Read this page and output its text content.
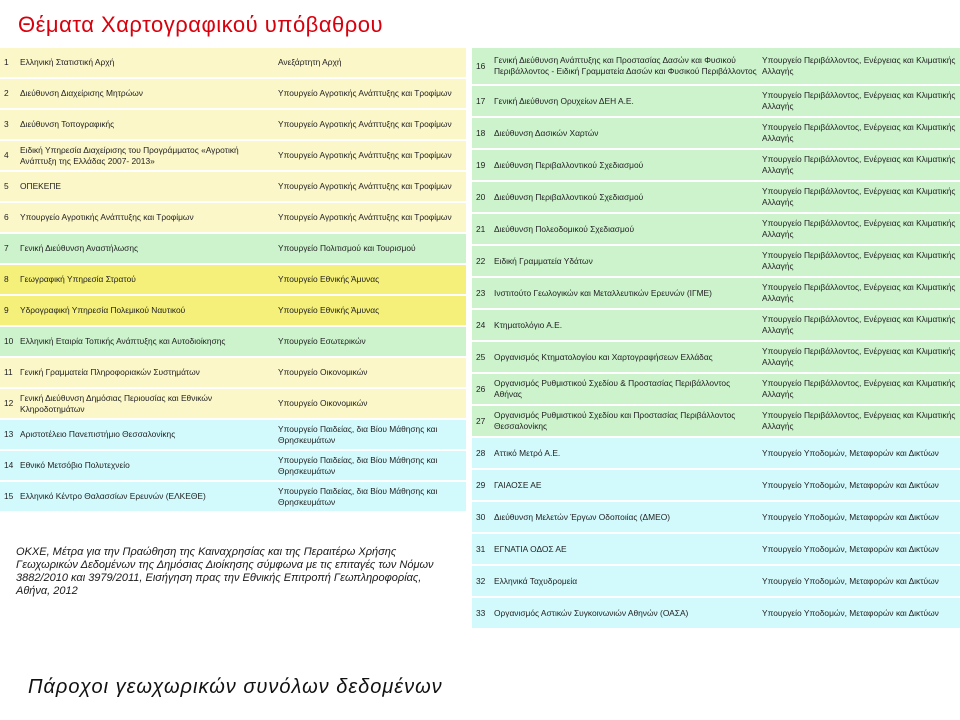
Θέματα Χαρτογραφικού υπόβαθρου
1	Ελληνική Στατιστική Αρχή	Ανεξάρτητη Αρχή
2	Διεύθυνση Διαχείρισης Μητρώων	Υπουργείο Αγροτικής Ανάπτυξης και Τροφίμων
3	Διεύθυνση Τοπογραφικής	Υπουργείο Αγροτικής Ανάπτυξης και Τροφίμων
4	Ειδική Υπηρεσία Διαχείρισης του Προγράμματος «Αγροτική Ανάπτυξη της Ελλάδας 2007- 2013»	Υπουργείο Αγροτικής Ανάπτυξης και Τροφίμων
5	ΟΠΕΚΕΠΕ	Υπουργείο Αγροτικής Ανάπτυξης και Τροφίμων
6	Υπουργείο Αγροτικής Ανάπτυξης και Τροφίμων	Υπουργείο Αγροτικής Ανάπτυξης και Τροφίμων
7	Γενική Διεύθυνση Αναστήλωσης	Υπουργείο Πολιτισμού και Τουρισμού
8	Γεωγραφική Υπηρεσία Στρατού	Υπουργείο Εθνικής Άμυνας
9	Υδρογραφική Υπηρεσία Πολεμικού Ναυτικού	Υπουργείο Εθνικής Άμυνας
10	Ελληνική Εταιρία Τοπικής Ανάπτυξης και Αυτοδιοίκησης	Υπουργείο Εσωτερικών
11	Γενική Γραμματεία Πληροφοριακών Συστημάτων	Υπουργείο Οικονομικών
12	Γενική Διεύθυνση Δημόσιας Περιουσίας και Εθνικών Κληροδοτημάτων	Υπουργείο Οικονομικών
13	Αριστοτέλειο Πανεπιστήμιο Θεσσαλονίκης	Υπουργείο Παιδείας, δια Βίου Μάθησης και Θρησκευμάτων
14	Εθνικό Μετσόβιο Πολυτεχνείο	Υπουργείο Παιδείας, δια Βίου Μάθησης και Θρησκευμάτων
15	Ελληνικό Κέντρο Θαλασσίων Ερευνών (ΕΛΚΕΘΕ)	Υπουργείο Παιδείας, δια Βίου Μάθησης και Θρησκευμάτων
16	Γενική Διεύθυνση Ανάπτυξης και Προστασίας Δασών και Φυσικού Περιβάλλοντος - Ειδική Γραμματεία Δασών και Φυσικού Περιβάλλοντος	Υπουργείο Περιβάλλοντος, Ενέργειας και Κλιματικής Αλλαγής
17	Γενική Διεύθυνση Ορυχείων ΔΕΗ Α.Ε.	Υπουργείο Περιβάλλοντος, Ενέργειας και Κλιματικής Αλλαγής
18	Διεύθυνση Δασικών Χαρτών	Υπουργείο Περιβάλλοντος, Ενέργειας και Κλιματικής Αλλαγής
19	Διεύθυνση Περιβαλλοντικού Σχεδιασμού	Υπουργείο Περιβάλλοντος, Ενέργειας και Κλιματικής Αλλαγής
20	Διεύθυνση Περιβαλλοντικού Σχεδιασμού	Υπουργείο Περιβάλλοντος, Ενέργειας και Κλιματικής Αλλαγής
21	Διεύθυνση Πολεοδομικού Σχεδιασμού	Υπουργείο Περιβάλλοντος, Ενέργειας και Κλιματικής Αλλαγής
22	Ειδική Γραμματεία Υδάτων	Υπουργείο Περιβάλλοντος, Ενέργειας και Κλιματικής Αλλαγής
23	Ινστιτούτο Γεωλογικών και Μεταλλευτικών Ερευνών (ΙΓΜΕ)	Υπουργείο Περιβάλλοντος, Ενέργειας και Κλιματικής Αλλαγής
24	Κτηματολόγιο Α.Ε.	Υπουργείο Περιβάλλοντος, Ενέργειας και Κλιματικής Αλλαγής
25	Οργανισμός Κτηματολογίου και Χαρτογραφήσεων Ελλάδας	Υπουργείο Περιβάλλοντος, Ενέργειας και Κλιματικής Αλλαγής
26	Οργανισμός Ρυθμιστικού Σχεδίου & Προστασίας Περιβάλλοντος Αθήνας	Υπουργείο Περιβάλλοντος, Ενέργειας και Κλιματικής Αλλαγής
27	Οργανισμός Ρυθμιστικού Σχεδίου και Προστασίας Περιβάλλοντος Θεσσαλονίκης	Υπουργείο Περιβάλλοντος, Ενέργειας και Κλιματικής Αλλαγής
28	Αττικό Μετρό Α.Ε.	Υπουργείο Υποδομών, Μεταφορών και Δικτύων
29	ΓΑΙΑΟΣΕ ΑΕ	Υπουργείο Υποδομών, Μεταφορών και Δικτύων
30	Διεύθυνση Μελετών Έργων Οδοποιίας (ΔΜΕΟ)	Υπουργείο Υποδομών, Μεταφορών και Δικτύων
31	ΕΓΝΑΤΙΑ ΟΔΟΣ ΑΕ	Υπουργείο Υποδομών, Μεταφορών και Δικτύων
32	Ελληνικά Ταχυδρομεία	Υπουργείο Υποδομών, Μεταφορών και Δικτύων
33	Οργανισμός Αστικών Συγκοινωνιών Αθηνών (ΟΑΣΑ)	Υπουργείο Υποδομών, Μεταφορών και Δικτύων
ΟΚΧΕ, Μέτρα για την Πραώθηση της Καιναχρησίας και της Περαιτέρω Χρήσης Γεωχωρικών Δεδομένων της Δημόσιας Διοίκησης σύμφωνα με τις επιταγές των Νόμων 3882/2010 και 3979/2011, Εισήγηση πρας την Εθνικής Επιτροπή Γεωπληροφορίας, Αθήνα, 2012
Πάροχοι γεωχωρικών συνόλων δεδομένων
